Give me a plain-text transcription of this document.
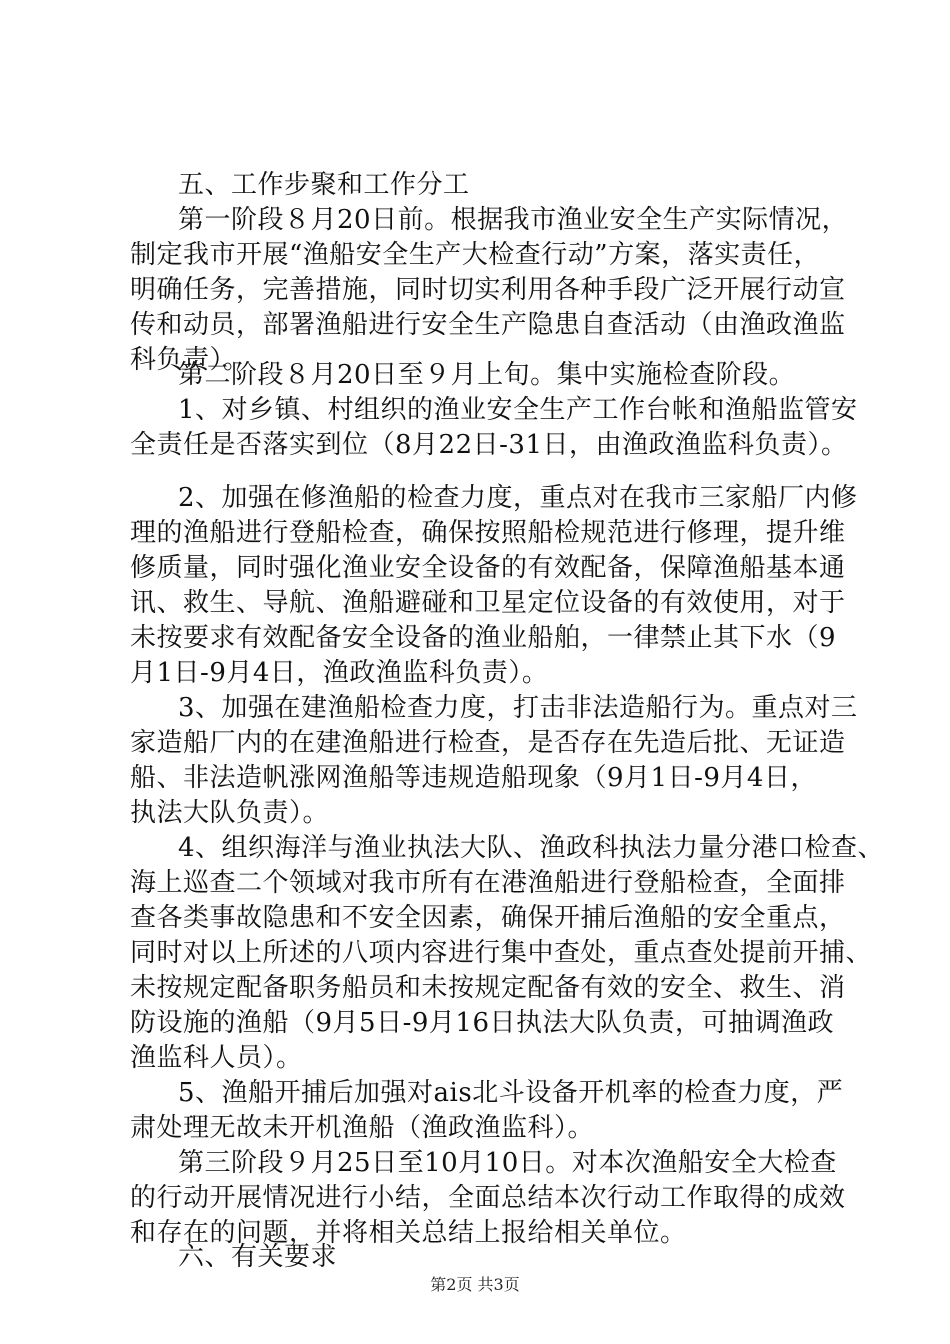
五、工作步聚和工作分工
第一阶段８月20日前。根据我市渔业安全生产实际情况，
制定我市开展“渔船安全生产大检查行动”方案，落实责任，
明确任务，完善措施，同时切实利用各种手段广泛开展行动宣
传和动员，部署渔船进行安全生产隐患自查活动（由渔政渔监
科负责）。
第二阶段８月20日至９月上旬。集中实施检查阶段。
1、对乡镇、村组织的渔业安全生产工作台帐和渔船监管安
全责任是否落实到位（8月22日-31日，由渔政渔监科负责）。
2、加强在修渔船的检查力度，重点对在我市三家船厂内修
理的渔船进行登船检查，确保按照船检规范进行修理，提升维
修质量，同时强化渔业安全设备的有效配备，保障渔船基本通
讯、救生、导航、渔船避碰和卫星定位设备的有效使用，对于
未按要求有效配备安全设备的渔业船舶，一律禁止其下水（9
月1日-9月4日，渔政渔监科负责）。
3、加强在建渔船检查力度，打击非法造船行为。重点对三
家造船厂内的在建渔船进行检查，是否存在先造后批、无证造
船、非法造帆涨网渔船等违规造船现象（9月1日-9月4日，
执法大队负责）。
4、组织海洋与渔业执法大队、渔政科执法力量分港口检查、
海上巡查二个领域对我市所有在港渔船进行登船检查，全面排
查各类事故隐患和不安全因素，确保开捕后渔船的安全重点，
同时对以上所述的八项内容进行集中查处，重点查处提前开捕、
未按规定配备职务船员和未按规定配备有效的安全、救生、消
防设施的渔船（9月5日-9月16日执法大队负责，可抽调渔政
渔监科人员）。
5、渔船开捕后加强对ais北斗设备开机率的检查力度，严
肃处理无故未开机渔船（渔政渔监科）。
第三阶段９月25日至10月10日。对本次渔船安全大检查
的行动开展情况进行小结，全面总结本次行动工作取得的成效
和存在的问题，并将相关总结上报给相关单位。
六、有关要求
第2页 共3页
